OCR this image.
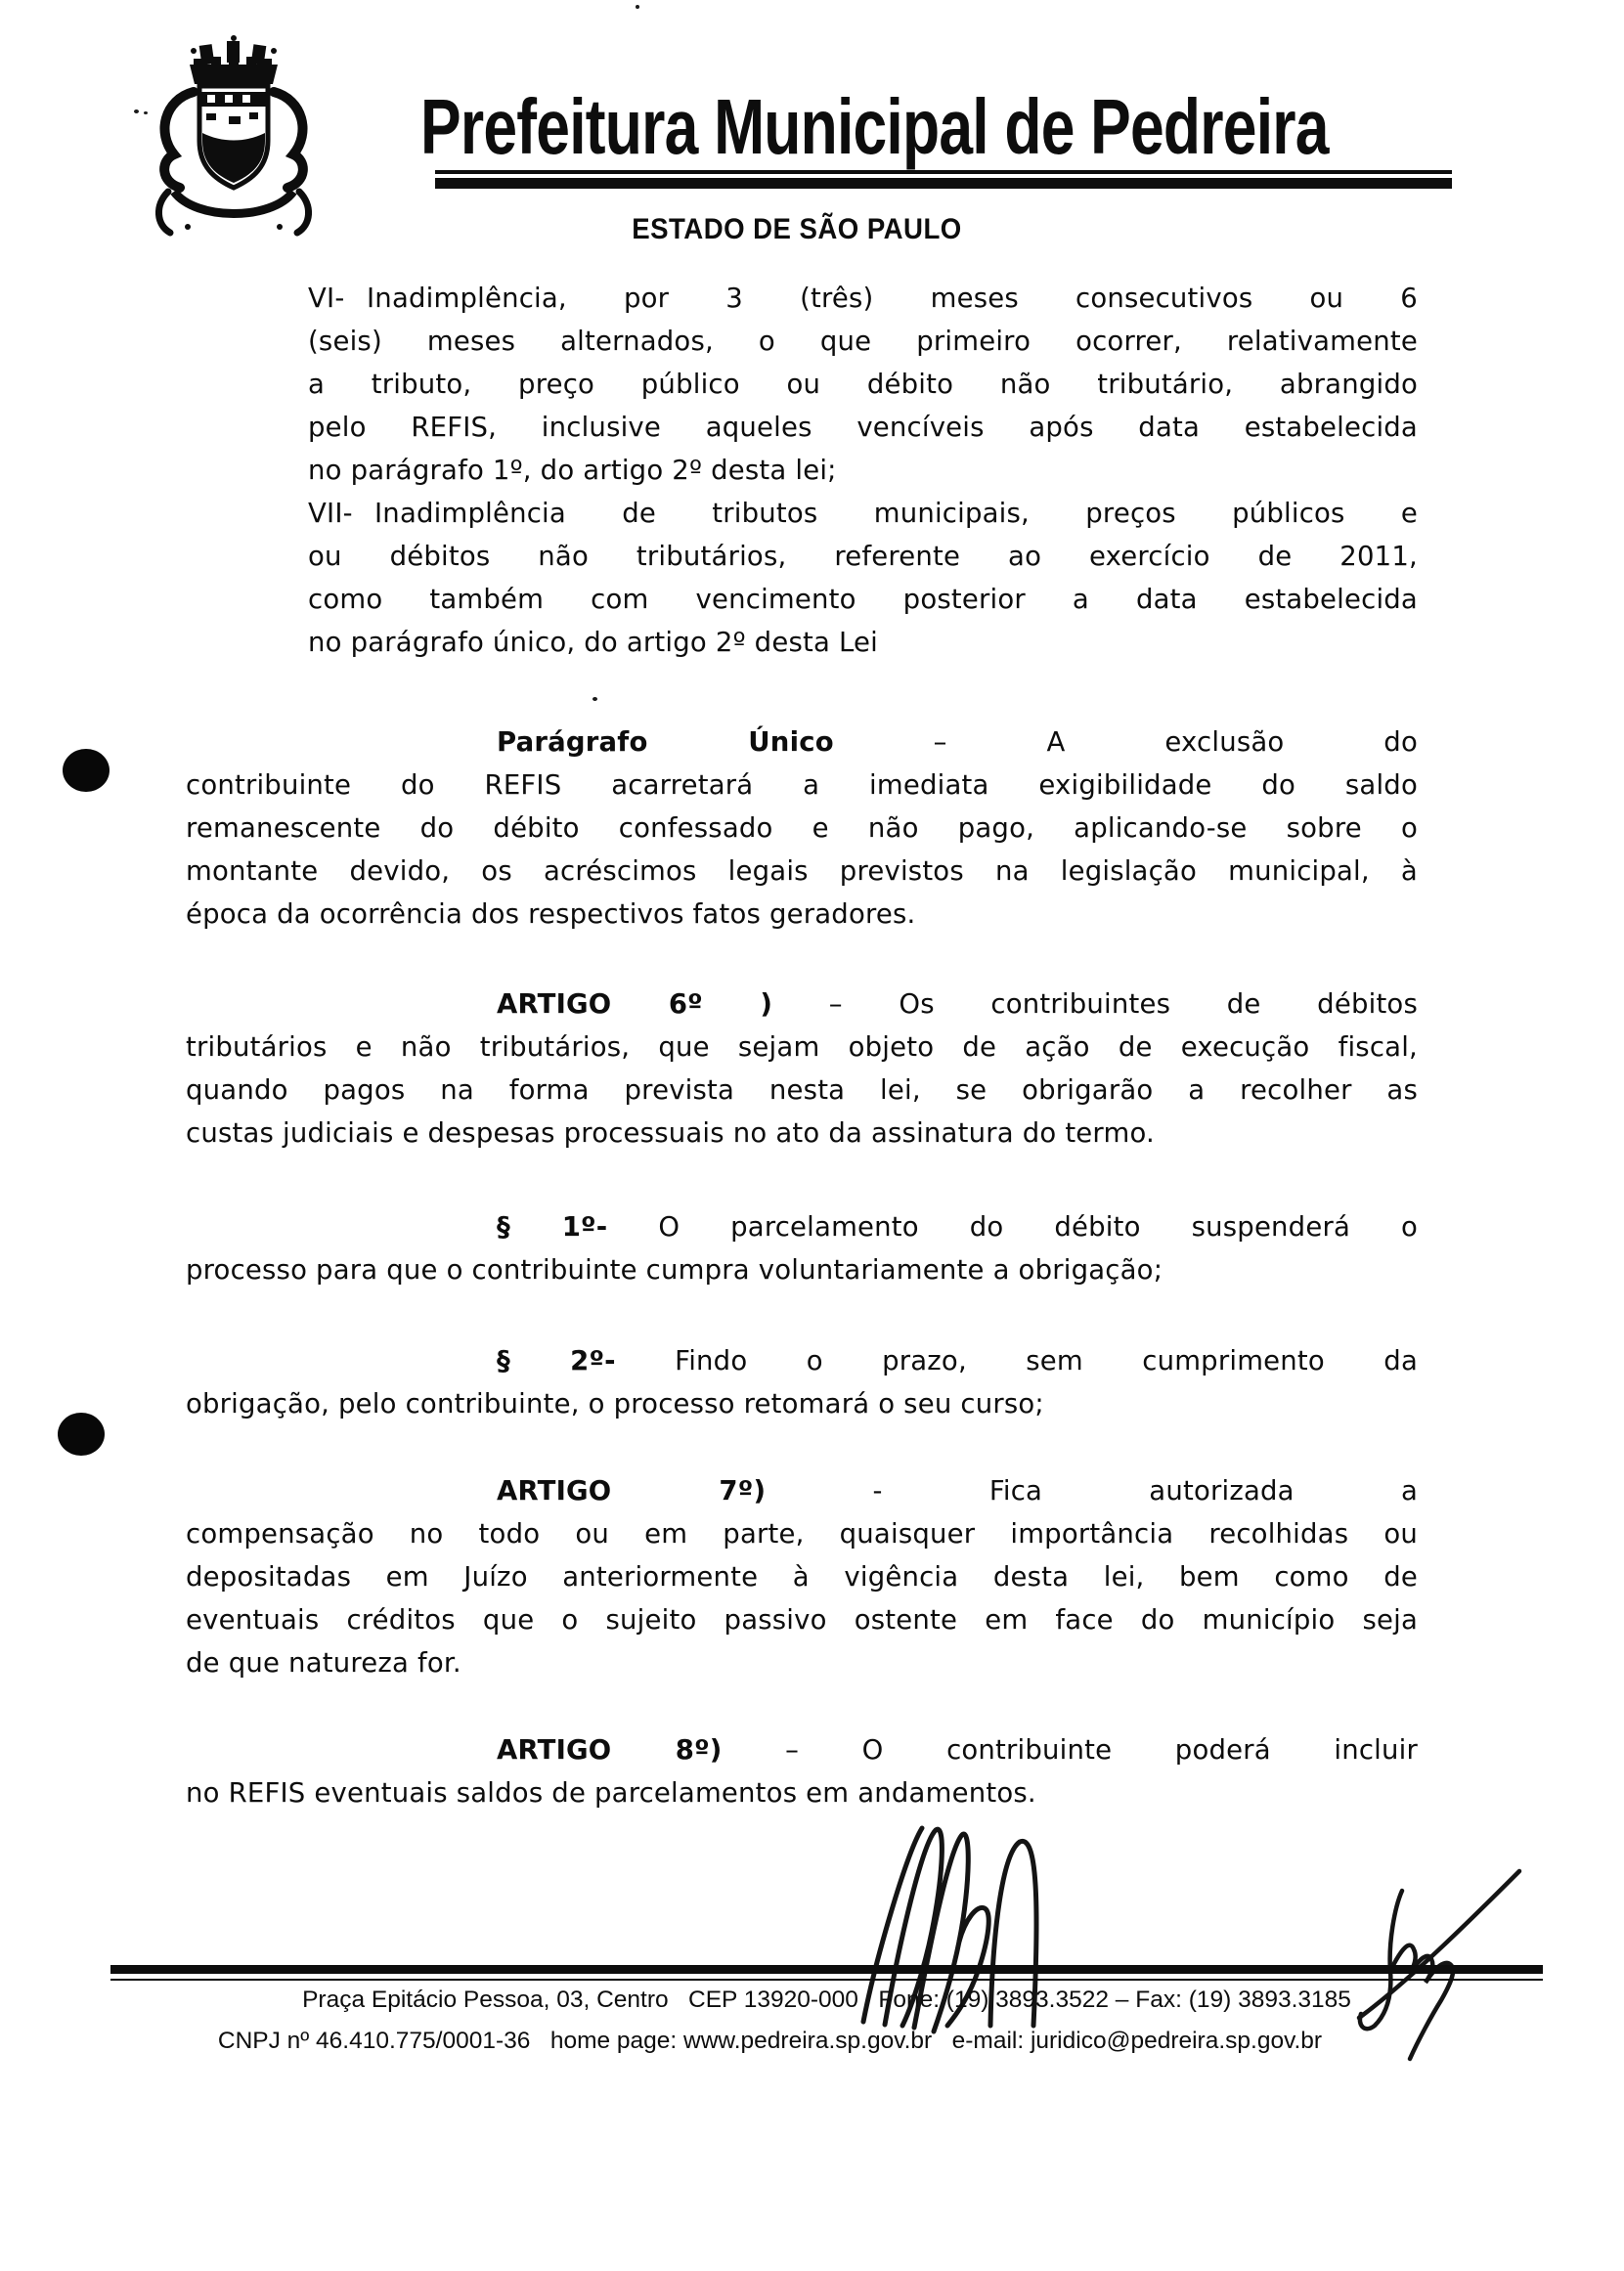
Prefeitura Municipal de Pedreira
ESTADO DE SÃO PAULO
VI- Inadimplência, por 3 (três) meses consecutivos ou 6
(seis) meses alternados, o que primeiro ocorrer, relativamente
a tributo, preço público ou débito não tributário, abrangido
pelo REFIS, inclusive aqueles vencíveis após data estabelecida
no parágrafo 1º, do artigo 2º desta lei;
VII- Inadimplência de tributos municipais, preços públicos e
ou débitos não tributários, referente ao exercício de 2011,
como também com vencimento posterior a data estabelecida
no parágrafo único, do artigo 2º desta Lei
Parágrafo Único – A exclusão do
contribuinte do REFIS acarretará a imediata exigibilidade do saldo
remanescente do débito confessado e não pago, aplicando-se sobre o
montante devido, os acréscimos legais previstos na legislação municipal, à
época da ocorrência dos respectivos fatos geradores.
ARTIGO 6º ) – Os contribuintes de débitos
tributários e não tributários, que sejam objeto de ação de execução fiscal,
quando pagos na forma prevista nesta lei, se obrigarão a recolher as
custas judiciais e despesas processuais no ato da assinatura do termo.
§ 1º- O parcelamento do débito suspenderá o
processo para que o contribuinte cumpra voluntariamente a obrigação;
§ 2º- Findo o prazo, sem cumprimento da
obrigação, pelo contribuinte, o processo retomará o seu curso;
ARTIGO 7º) - Fica autorizada a
compensação no todo ou em parte, quaisquer importância recolhidas ou
depositadas em Juízo anteriormente à vigência desta lei, bem como de
eventuais créditos que o sujeito passivo ostente em face do município seja
de que natureza for.
ARTIGO 8º) – O contribuinte poderá incluir
no REFIS eventuais saldos de parcelamentos em andamentos.
Praça Epitácio Pessoa, 03, Centro   CEP 13920-000   Fone: (19) 3893.3522 – Fax: (19) 3893.3185
CNPJ nº 46.410.775/0001-36   home page: www.pedreira.sp.gov.br   e-mail: juridico@pedreira.sp.gov.br
